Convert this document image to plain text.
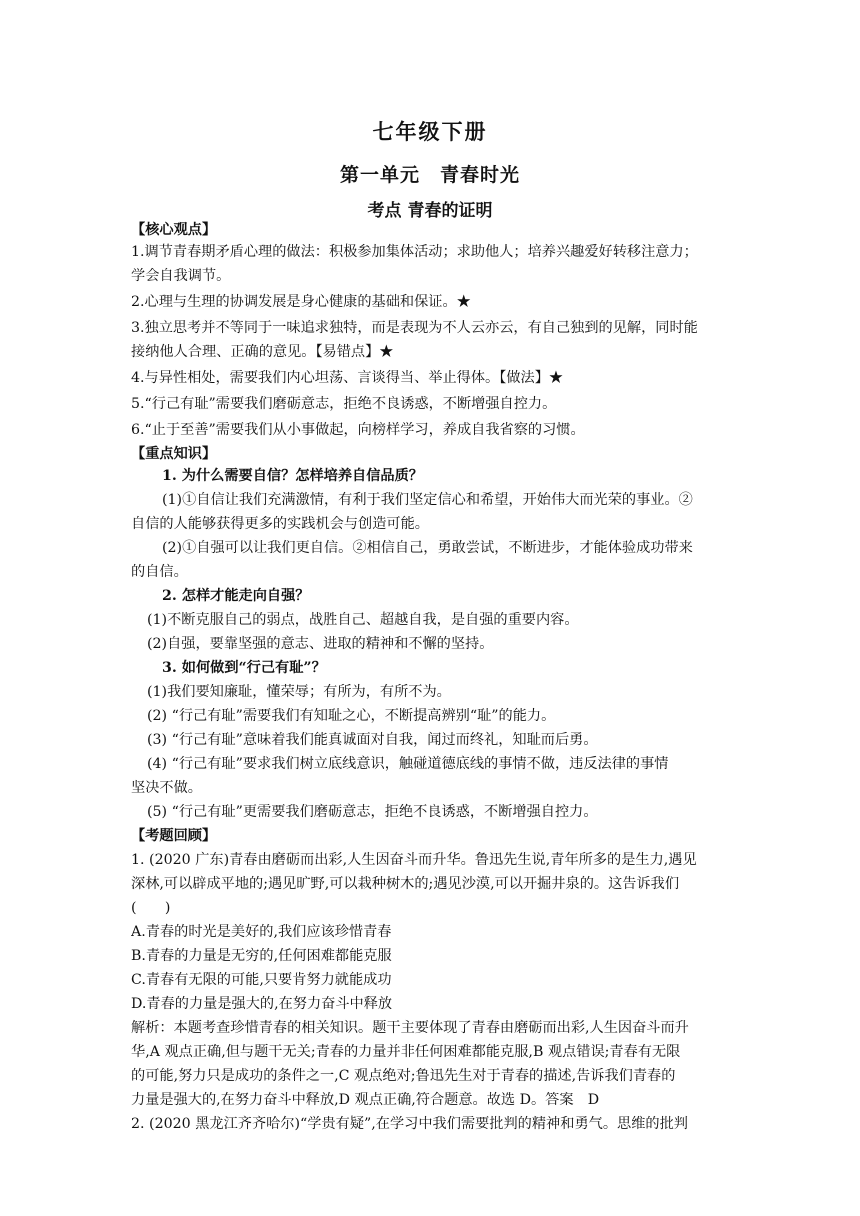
七年级下册
第一单元　青春时光
考点 青春的证明
【核心观点】
1.调节青春期矛盾心理的做法：积极参加集体活动；求助他人；培养兴趣爱好转移注意力；
学会自我调节。
2.心理与生理的协调发展是身心健康的基础和保证。★
3.独立思考并不等同于一味追求独特，而是表现为不人云亦云，有自己独到的见解，同时能
接纳他人合理、正确的意见。【易错点】★
4.与异性相处，需要我们内心坦荡、言谈得当、举止得体。【做法】★
5.“行己有耻”需要我们磨砺意志，拒绝不良诱惑，不断增强自控力。
6.“止于至善”需要我们从小事做起，向榜样学习，养成自我省察的习惯。
【重点知识】
1. 为什么需要自信？怎样培养自信品质？
(1)①自信让我们充满激情，有利于我们坚定信心和希望，开始伟大而光荣的事业。②
自信的人能够获得更多的实践机会与创造可能。
(2)①自强可以让我们更自信。②相信自己，勇敢尝试，不断进步，才能体验成功带来
的自信。
2. 怎样才能走向自强？
(1)不断克服自己的弱点，战胜自己、超越自我，是自强的重要内容。
(2)自强，要靠坚强的意志、进取的精神和不懈的坚持。
3. 如何做到“行己有耻”？
(1)我们要知廉耻，懂荣辱；有所为，有所不为。
(2) “行己有耻”需要我们有知耻之心，不断提高辨别“耻”的能力。
(3) “行己有耻”意味着我们能真诚面对自我，闻过而终礼，知耻而后勇。
(4) “行己有耻”要求我们树立底线意识，触碰道德底线的事情不做，违反法律的事情
坚决不做。
(5) “行己有耻”更需要我们磨砺意志，拒绝不良诱惑，不断增强自控力。
【考题回顾】
1. (2020 广东)青春由磨砺而出彩,人生因奋斗而升华。鲁迅先生说,青年所多的是生力,遇见
深林,可以辟成平地的;遇见旷野,可以栽种树木的;遇见沙漠,可以开掘井泉的。这告诉我们
(　　)
A.青春的时光是美好的,我们应该珍惜青春
B.青春的力量是无穷的,任何困难都能克服
C.青春有无限的可能,只要肯努力就能成功
D.青春的力量是强大的,在努力奋斗中释放
解析：本题考查珍惜青春的相关知识。题干主要体现了青春由磨砺而出彩,人生因奋斗而升
华,A 观点正确,但与题干无关;青春的力量并非任何困难都能克服,B 观点错误;青春有无限
的可能,努力只是成功的条件之一,C 观点绝对;鲁迅先生对于青春的描述,告诉我们青春的
力量是强大的,在努力奋斗中释放,D 观点正确,符合题意。故选 D。答案　D
2. (2020 黑龙江齐齐哈尔)“学贵有疑”,在学习中我们需要批判的精神和勇气。思维的批判
